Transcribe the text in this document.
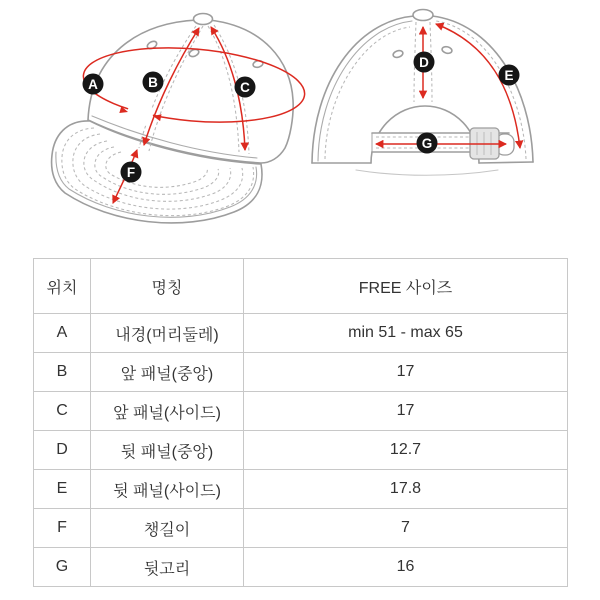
A	B	C
F
D
E
G
위치	명칭	FREE 사이즈
A	내경(머리둘레)	min 51 - max 65
B	앞 패널(중앙)	17
C	앞 패널(사이드)	17
D	뒷 패널(중앙)	12.7
E	뒷 패널(사이드)	17.8
F	챙길이	7
G	뒷고리	16
